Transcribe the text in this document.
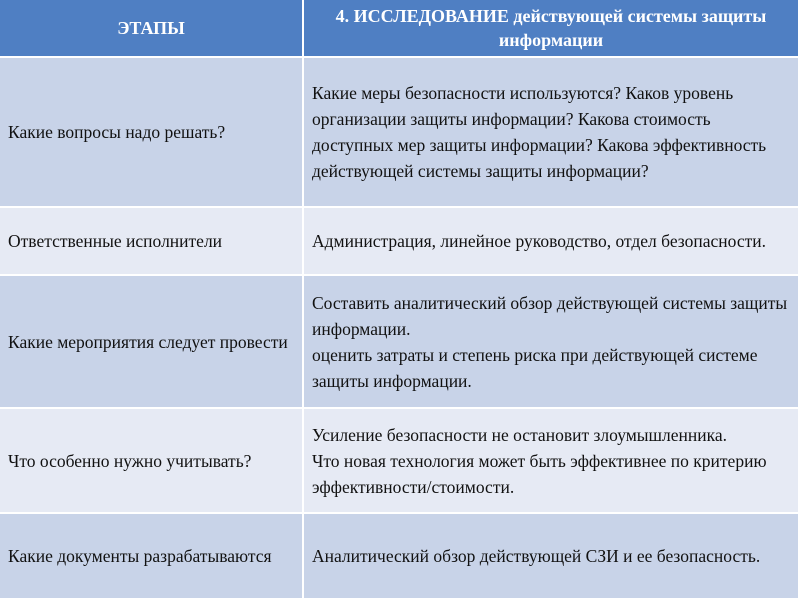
ЭТАПЫ
4. ИССЛЕДОВАНИЕ действующей системы защиты информации
Какие вопросы надо решать?
Какие меры безопасности используются? Каков уровень организации защиты информации? Какова стоимость доступных мер защиты информации? Какова эффективность действующей системы защиты информации?
Ответственные исполнители	Администрация, линейное руководство, отдел безопасности.
Какие мероприятия следует провести
Составить аналитический обзор действующей системы защиты информации.
оценить затраты и степень риска при действующей системе защиты информации.
Что особенно нужно учитывать?
Усиление безопасности не остановит злоумышленника.
Что новая технология может быть эффективнее по критерию эффективности/стоимости.
Какие документы разрабатываются Аналитический обзор действующей СЗИ и ее безопасность.
